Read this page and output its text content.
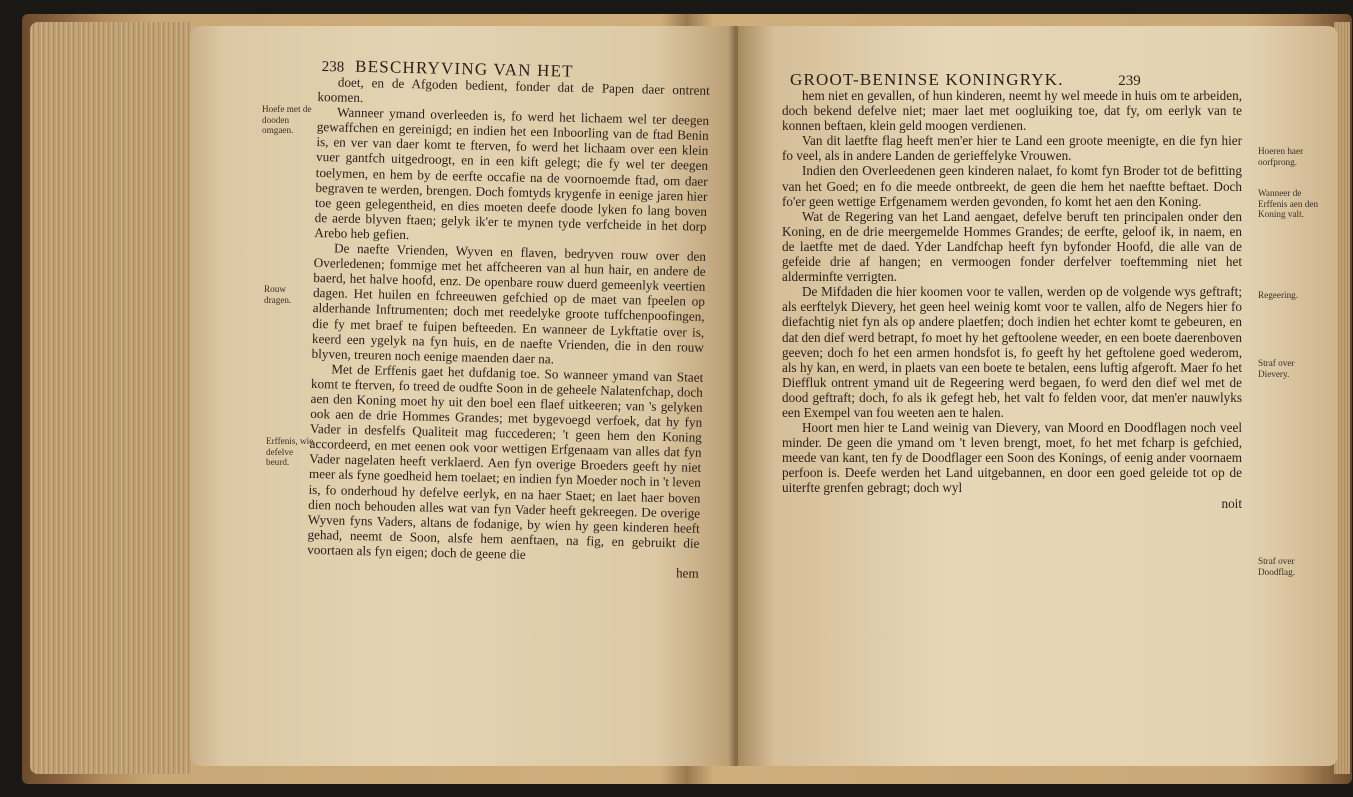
238 BESCHRYVING VAN HET

doet, en de Afgoden bedient, fonder dat de Papen daer ontrent koomen.

Wanneer ymand overleeden is, fo werd het lichaem wel ter deegen gewaffchen en gereinigd; en indien het een Inboorling van de ftad Benin is, en ver van daer komt te fterven, fo werd het lichaam over een klein vuer gantfch uitgedroogt, en in een kift gelegt; die fy wel ter deegen toelymen, en hem by de eerfte occafie na de voornoemde ftad, om daer begraven te werden, brengen. Doch fomtyds krygenfe in eenige jaren hier toe geen gelegentheid, en dies moeten deefe doode lyken fo lang boven de aerde blyven ftaen; gelyk ik'er te mynen tyde verfcheide in het dorp Arebo heb gefien.

De naefte Vrienden, Wyven en flaven, bedryven rouw over den Overledenen; fommige met het affcheeren van al hun hair, en andere de baerd, het halve hoofd, enz. De openbare rouw duerd gemeenlyk veertien dagen. Het huilen en fchreeuwen gefchied op de maet van fpeelen op alderhande Inftrumenten; doch met reedelyke groote tuffchenpoofingen, die fy met braef te fuipen befteeden. En wanneer de Lykftatie over is, keerd een ygelyk na fyn huis, en de naefte Vrienden, die in den rouw blyven, treuren noch eenige maenden daer na.

Met de Erffenis gaet het dufdanig toe. So wanneer ymand van Staet komt te fterven, fo treed de oudfte Soon in de geheele Nalatenfchap, doch aen den Koning moet hy uit den boel een flaef uitkeeren; van 's gelyken ook aen de drie Hommes Grandes; met bygevoegd verfoek, dat hy fyn Vader in desfelfs Qualiteit mag fuccederen; 't geen hem den Koning accordeerd, en met eenen ook voor wettigen Erfgenaam van alles dat fyn Vader nagelaten heeft verklaerd. Aen fyn overige Broeders geeft hy niet meer als fyne goedheid hem toelaet; en indien fyn Moeder noch in 't leven is, fo onderhoud hy defelve eerlyk, en na haer Staet; en laet haer boven dien noch behouden alles wat van fyn Vader heeft gekreegen. De overige Wyven fyns Vaders, altans de fodanige, by wien hy geen kinderen heeft gehad, neemt de Soon, alsfe hem aenftaen, na fig, en gebruikt die voortaen als fyn eigen; doch de geene die

hem

Hoefe met de dooden omgaen.
Rouw dragen.
Erffenis, wie defelve beurd.
GROOT-BENINSE KONINGRYK.	239

hem niet en gevallen, of hun kinderen, neemt hy wel meede in huis om te arbeiden, doch bekend defelve niet; maer laet met oogluiking toe, dat fy, om eerlyk van te konnen beftaen, klein geld moogen verdienen.

Van dit laetfte flag heeft men'er hier te Land een groote meenigte, en die fyn hier fo veel, als in andere Landen de gerieffelyke Vrouwen.

Indien den Overleedenen geen kinderen nalaet, fo komt fyn Broder tot de befitting van het Goed; en fo die meede ontbreekt, de geen die hem het naeftte beftaet. Doch fo'er geen wettige Erfgenamem werden gevonden, fo komt het aen den Koning.

Wat de Regering van het Land aengaet, defelve beruft ten principalen onder den Koning, en de drie meergemelde Hommes Grandes; de eerfte, geloof ik, in naem, en de laetfte met de daed. Yder Landfchap heeft fyn byfonder Hoofd, die alle van de gefeide drie af hangen; en vermoogen fonder derfelver toeftemming niet het alderminfte verrigten.

De Mifdaden die hier koomen voor te vallen, werden op de volgende wys geftraft; als eerftelyk Dievery, het geen heel weinig komt voor te vallen, alfo de Negers hier fo diefachtig niet fyn als op andere plaetfen; doch indien het echter komt te gebeuren, en dat den dief werd betrapt, fo moet hy het geftoolene weeder, en een boete daerenboven geeven; doch fo het een armen hondsfot is, fo geeft hy het geftolene goed wederom, als hy kan, en werd, in plaets van een boete te betalen, eens luftig afgeroft. Maer fo het Dieffluk ontrent ymand uit de Regeering werd begaen, fo werd den dief wel met de dood geftraft; doch, fo als ik gefegt heb, het valt fo felden voor, dat men'er nauwlyks een Exempel van fou weeten aen te halen.

Hoort men hier te Land weinig van Dievery, van Moord en Doodflagen noch veel minder. De geen die ymand om 't leven brengt, moet, fo het met fcharp is gefchied, meede van kant, ten fy de Doodflager een Soon des Konings, of eenig ander voornaem perfoon is. Deefe werden het Land uitgebannen, en door een goed geleide tot op de uiterfte grenfen gebragt; doch wyl

noit

Hoeren haer oorfprong.
Wanneer de Erffenis aen den Koning valt.
Regeering.
Straf over Dievery.
Straf over Doodflag.
